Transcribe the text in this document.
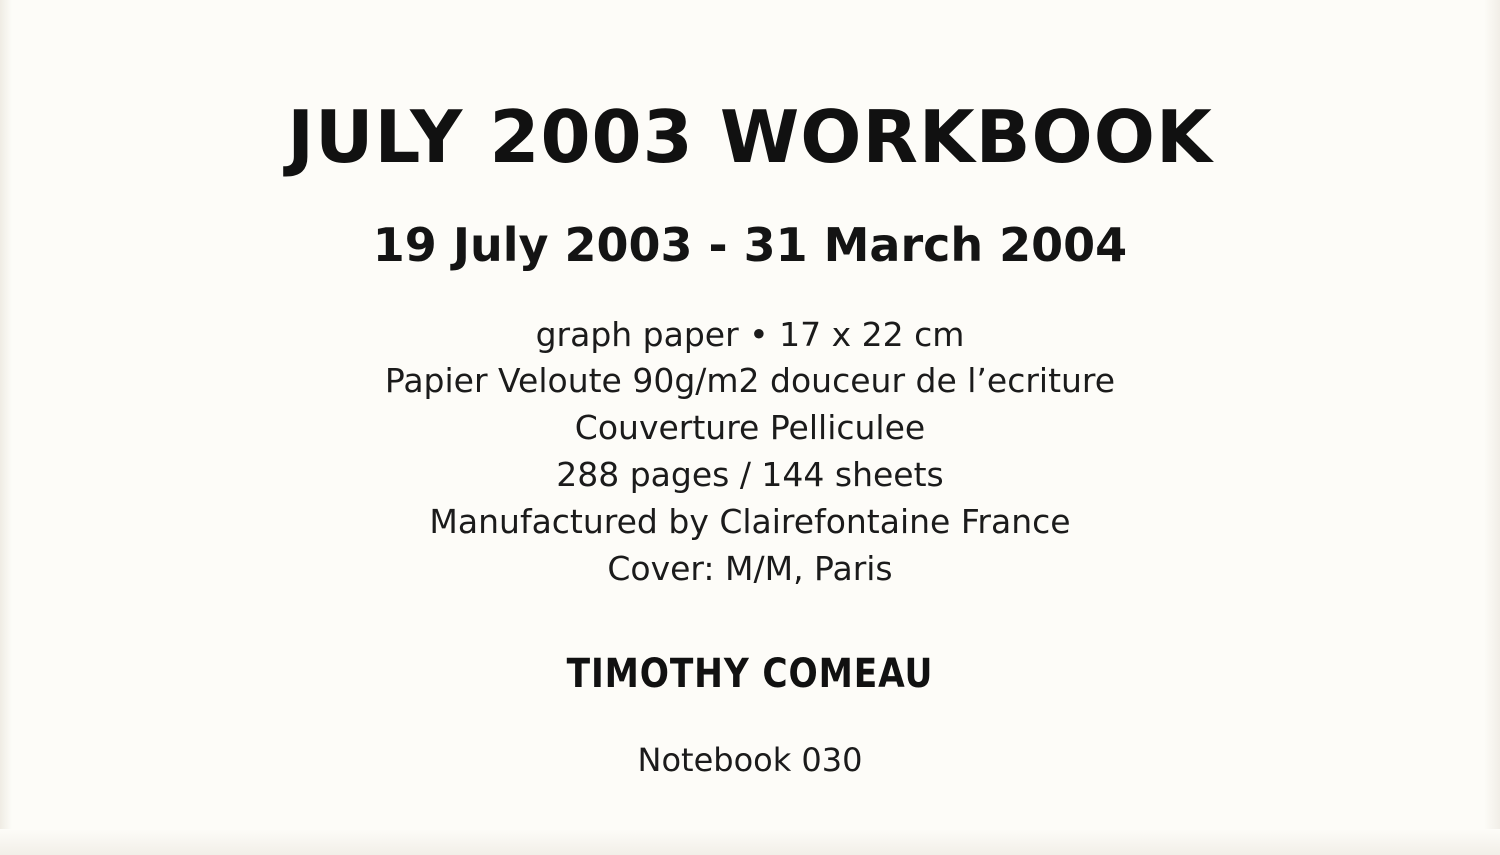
JULY 2003 WORKBOOK
19 July 2003 - 31 March 2004

graph paper • 17 x 22 cm

Papier Veloute 90g/m2 douceur de l’ecriture

Couverture Pelliculee

288 pages / 144 sheets

Manufactured by Clairefontaine France

Cover: M/M, Paris

TIMOTHY COMEAU

Notebook 030
